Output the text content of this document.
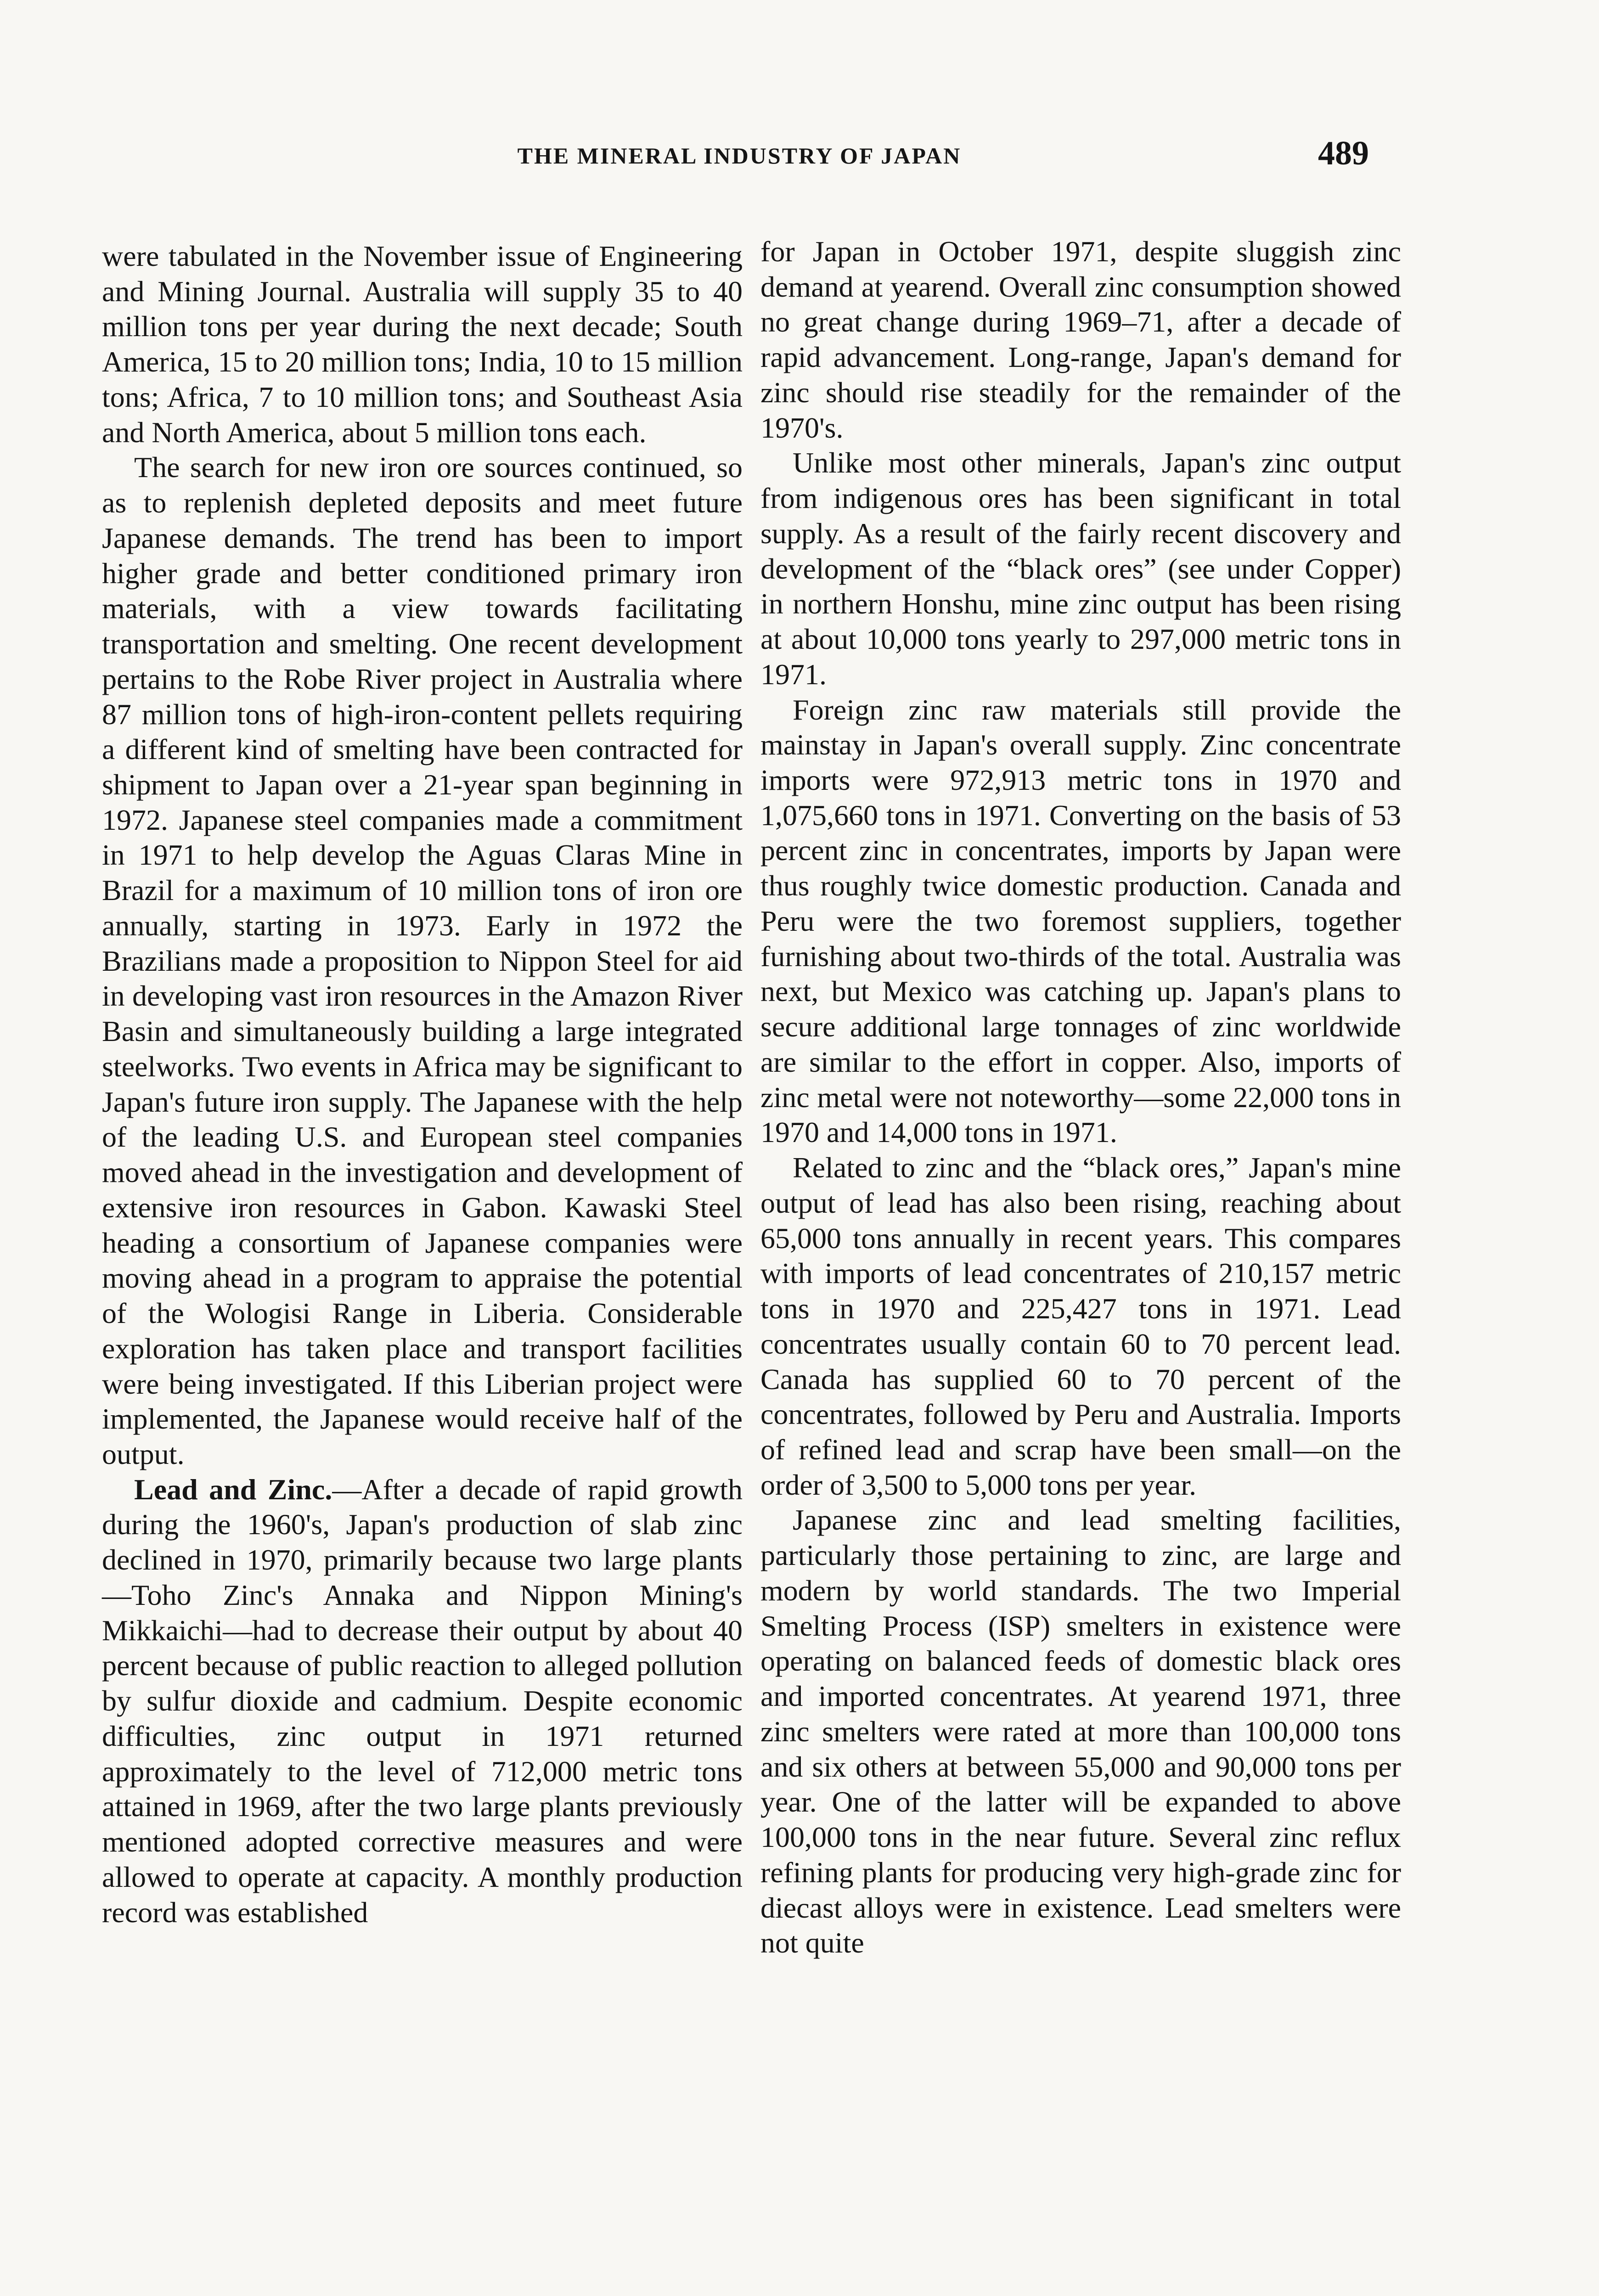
THE MINERAL INDUSTRY OF JAPAN	489

were tabulated in the November issue of Engineering and Mining Journal. Australia will supply 35 to 40 million tons per year during the next decade; South America, 15 to 20 million tons; India, 10 to 15 million tons; Africa, 7 to 10 million tons; and Southeast Asia and North America, about 5 million tons each.

The search for new iron ore sources continued, so as to replenish depleted deposits and meet future Japanese demands. The trend has been to import higher grade and better conditioned primary iron materials, with a view towards facilitating transportation and smelting. One recent development pertains to the Robe River project in Australia where 87 million tons of high-iron-content pellets requiring a different kind of smelting have been contracted for shipment to Japan over a 21-year span beginning in 1972. Japanese steel companies made a commitment in 1971 to help develop the Aguas Claras Mine in Brazil for a maximum of 10 million tons of iron ore annually, starting in 1973. Early in 1972 the Brazilians made a proposition to Nippon Steel for aid in developing vast iron resources in the Amazon River Basin and simultaneously building a large integrated steelworks. Two events in Africa may be significant to Japan's future iron supply. The Japanese with the help of the leading U.S. and European steel companies moved ahead in the investigation and development of extensive iron resources in Gabon. Kawaski Steel heading a consortium of Japanese companies were moving ahead in a program to appraise the potential of the Wologisi Range in Liberia. Considerable exploration has taken place and transport facilities were being investigated. If this Liberian project were implemented, the Japanese would receive half of the output.

Lead and Zinc.—After a decade of rapid growth during the 1960's, Japan's production of slab zinc declined in 1970, primarily because two large plants—Toho Zinc's Annaka and Nippon Mining's Mikkaichi—had to decrease their output by about 40 percent because of public reaction to alleged pollution by sulfur dioxide and cadmium. Despite economic difficulties, zinc output in 1971 returned approximately to the level of 712,000 metric tons attained in 1969, after the two large plants previously mentioned adopted corrective measures and were allowed to operate at capacity. A monthly production record was established

for Japan in October 1971, despite sluggish zinc demand at yearend. Overall zinc consumption showed no great change during 1969–71, after a decade of rapid advancement. Long-range, Japan's demand for zinc should rise steadily for the remainder of the 1970's.

Unlike most other minerals, Japan's zinc output from indigenous ores has been significant in total supply. As a result of the fairly recent discovery and development of the “black ores” (see under Copper) in northern Honshu, mine zinc output has been rising at about 10,000 tons yearly to 297,000 metric tons in 1971.

Foreign zinc raw materials still provide the mainstay in Japan's overall supply. Zinc concentrate imports were 972,913 metric tons in 1970 and 1,075,660 tons in 1971. Converting on the basis of 53 percent zinc in concentrates, imports by Japan were thus roughly twice domestic production. Canada and Peru were the two foremost suppliers, together furnishing about two-thirds of the total. Australia was next, but Mexico was catching up. Japan's plans to secure additional large tonnages of zinc worldwide are similar to the effort in copper. Also, imports of zinc metal were not noteworthy—some 22,000 tons in 1970 and 14,000 tons in 1971.

Related to zinc and the “black ores,” Japan's mine output of lead has also been rising, reaching about 65,000 tons annually in recent years. This compares with imports of lead concentrates of 210,157 metric tons in 1970 and 225,427 tons in 1971. Lead concentrates usually contain 60 to 70 percent lead. Canada has supplied 60 to 70 percent of the concentrates, followed by Peru and Australia. Imports of refined lead and scrap have been small—on the order of 3,500 to 5,000 tons per year.

Japanese zinc and lead smelting facilities, particularly those pertaining to zinc, are large and modern by world standards. The two Imperial Smelting Process (ISP) smelters in existence were operating on balanced feeds of domestic black ores and imported concentrates. At yearend 1971, three zinc smelters were rated at more than 100,000 tons and six others at between 55,000 and 90,000 tons per year. One of the latter will be expanded to above 100,000 tons in the near future. Several zinc reflux refining plants for producing very high-grade zinc for diecast alloys were in existence. Lead smelters were not quite
